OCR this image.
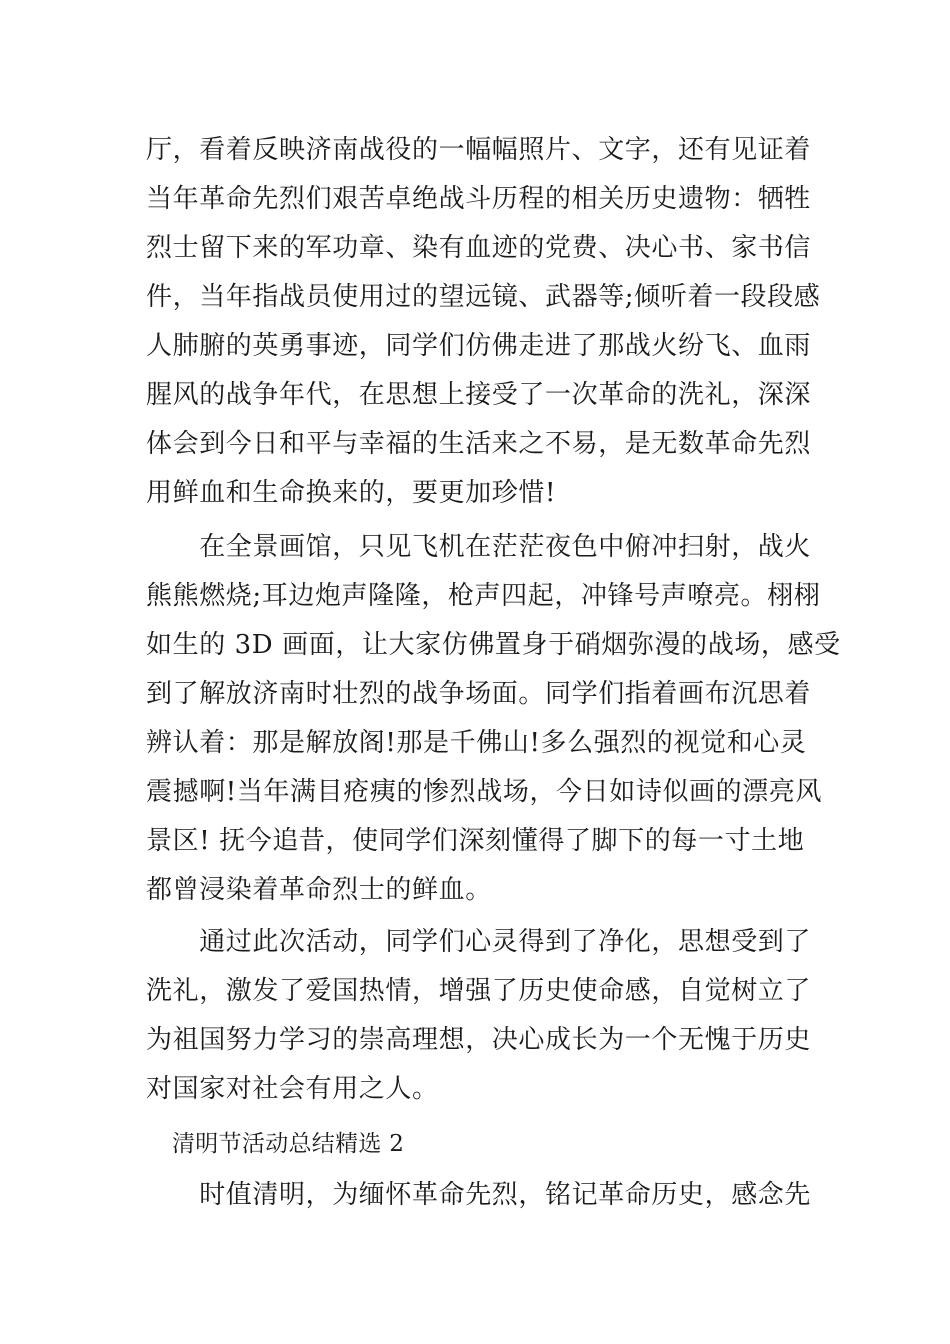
厅，看着反映济南战役的一幅幅照片、文字，还有见证着
当年革命先烈们艰苦卓绝战斗历程的相关历史遗物：牺牲
烈士留下来的军功章、染有血迹的党费、决心书、家书信
件，当年指战员使用过的望远镜、武器等;倾听着一段段感
人肺腑的英勇事迹，同学们仿佛走进了那战火纷飞、血雨
腥风的战争年代，在思想上接受了一次革命的洗礼，深深
体会到今日和平与幸福的生活来之不易，是无数革命先烈
用鲜血和生命换来的，要更加珍惜!
　　在全景画馆，只见飞机在茫茫夜色中俯冲扫射，战火
熊熊燃烧;耳边炮声隆隆，枪声四起，冲锋号声嘹亮。栩栩
如生的 3D 画面，让大家仿佛置身于硝烟弥漫的战场，感受
到了解放济南时壮烈的战争场面。同学们指着画布沉思着
辨认着：那是解放阁!那是千佛山!多么强烈的视觉和心灵
震撼啊!当年满目疮痍的惨烈战场，今日如诗似画的漂亮风
景区! 抚今追昔，使同学们深刻懂得了脚下的每一寸土地
都曾浸染着革命烈士的鲜血。
　　通过此次活动，同学们心灵得到了净化，思想受到了
洗礼，激发了爱国热情，增强了历史使命感，自觉树立了
为祖国努力学习的崇高理想，决心成长为一个无愧于历史
对国家对社会有用之人。
清明节活动总结精选 2
　　时值清明，为缅怀革命先烈，铭记革命历史，感念先
